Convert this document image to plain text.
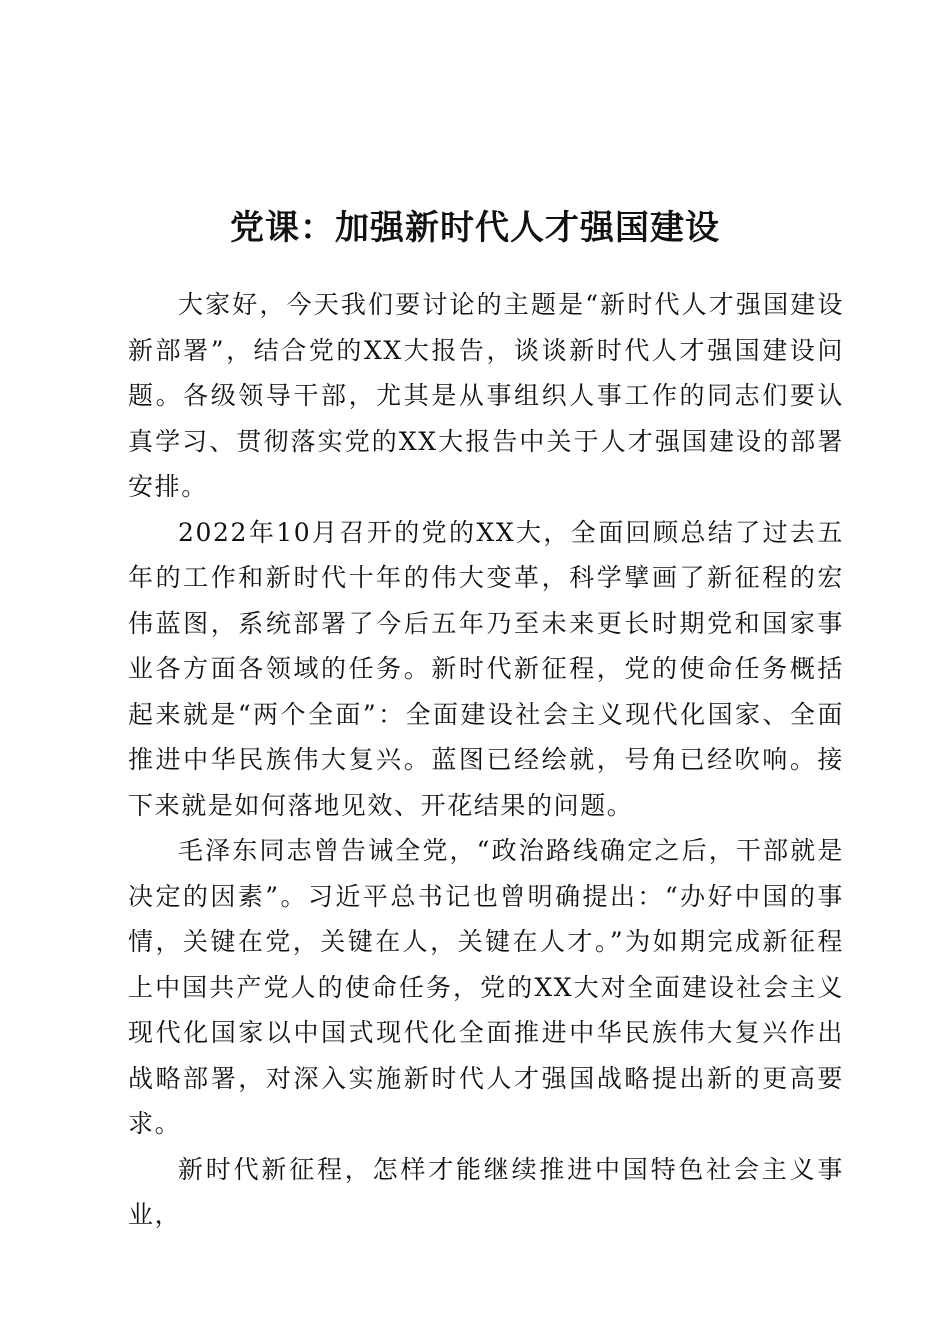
党课：加强新时代人才强国建设

大家好，今天我们要讨论的主题是“新时代人才强国建设新部署”，结合党的XX大报告，谈谈新时代人才强国建设问题。各级领导干部，尤其是从事组织人事工作的同志们要认真学习、贯彻落实党的XX大报告中关于人才强国建设的部署安排。

2022年10月召开的党的XX大，全面回顾总结了过去五年的工作和新时代十年的伟大变革，科学擘画了新征程的宏伟蓝图，系统部署了今后五年乃至未来更长时期党和国家事业各方面各领域的任务。新时代新征程，党的使命任务概括起来就是“两个全面”：全面建设社会主义现代化国家、全面推进中华民族伟大复兴。蓝图已经绘就，号角已经吹响。接下来就是如何落地见效、开花结果的问题。

毛泽东同志曾告诫全党，“政治路线确定之后，干部就是决定的因素”。习近平总书记也曾明确提出：“办好中国的事情，关键在党，关键在人，关键在人才。”为如期完成新征程上中国共产党人的使命任务，党的XX大对全面建设社会主义现代化国家以中国式现代化全面推进中华民族伟大复兴作出战略部署，对深入实施新时代人才强国战略提出新的更高要求。

新时代新征程，怎样才能继续推进中国特色社会主义事业，
